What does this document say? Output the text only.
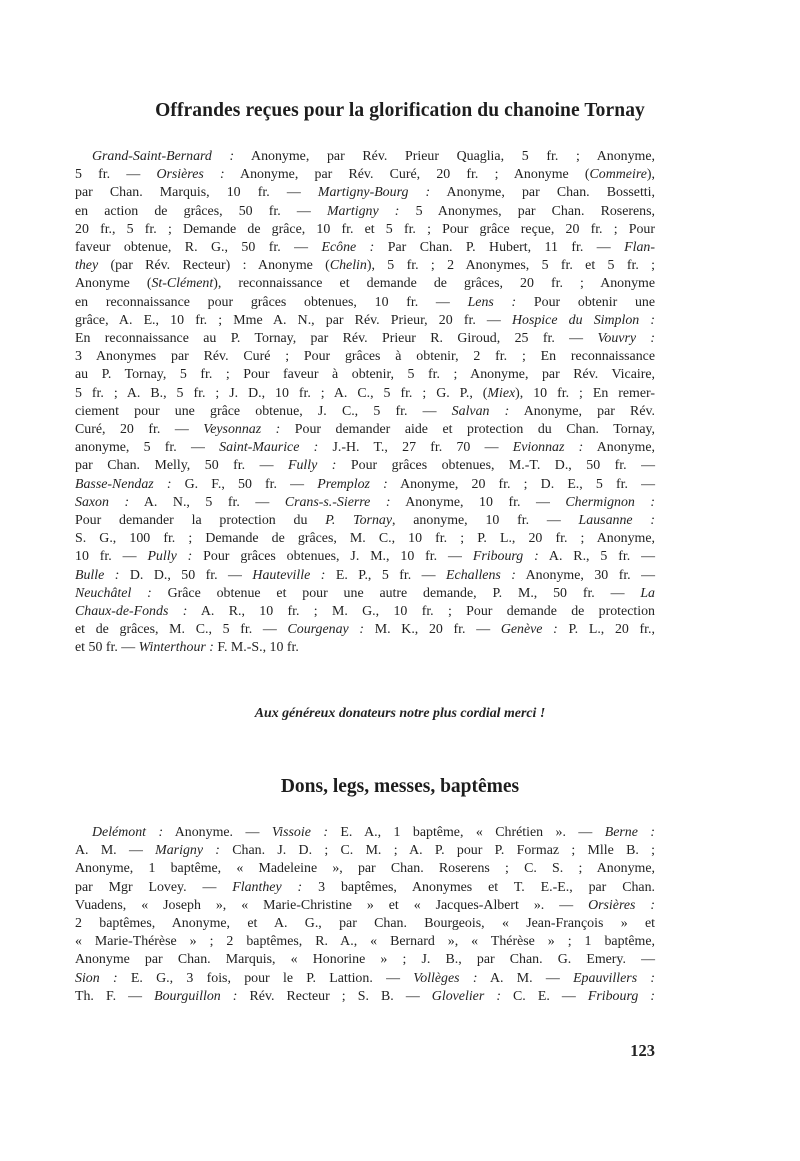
Offrandes reçues pour la glorification du chanoine Tornay
Grand-Saint-Bernard : Anonyme, par Rév. Prieur Quaglia, 5 fr. ; Anonyme,
5 fr. — Orsières : Anonyme, par Rév. Curé, 20 fr. ; Anonyme (Commeire),
par Chan. Marquis, 10 fr. — Martigny-Bourg : Anonyme, par Chan. Bossetti,
en action de grâces, 50 fr. — Martigny : 5 Anonymes, par Chan. Roserens,
20 fr., 5 fr. ; Demande de grâce, 10 fr. et 5 fr. ; Pour grâce reçue, 20 fr. ; Pour
faveur obtenue, R. G., 50 fr. — Ecône : Par Chan. P. Hubert, 11 fr. — Flan-
they (par Rév. Recteur) : Anonyme (Chelin), 5 fr. ; 2 Anonymes, 5 fr. et 5 fr. ;
Anonyme (St-Clément), reconnaissance et demande de grâces, 20 fr. ; Anonyme
en reconnaissance pour grâces obtenues, 10 fr. — Lens : Pour obtenir une
grâce, A. E., 10 fr. ; Mme A. N., par Rév. Prieur, 20 fr. — Hospice du Simplon :
En reconnaissance au P. Tornay, par Rév. Prieur R. Giroud, 25 fr. — Vouvry :
3 Anonymes par Rév. Curé ; Pour grâces à obtenir, 2 fr. ; En reconnaissance
au P. Tornay, 5 fr. ; Pour faveur à obtenir, 5 fr. ; Anonyme, par Rév. Vicaire,
5 fr. ; A. B., 5 fr. ; J. D., 10 fr. ; A. C., 5 fr. ; G. P., (Miex), 10 fr. ; En remer-
ciement pour une grâce obtenue, J. C., 5 fr. — Salvan : Anonyme, par Rév.
Curé, 20 fr. — Veysonnaz : Pour demander aide et protection du Chan. Tornay,
anonyme, 5 fr. — Saint-Maurice : J.-H. T., 27 fr. 70 — Evionnaz : Anonyme,
par Chan. Melly, 50 fr. — Fully : Pour grâces obtenues, M.-T. D., 50 fr. —
Basse-Nendaz : G. F., 50 fr. — Premploz : Anonyme, 20 fr. ; D. E., 5 fr. —
Saxon : A. N., 5 fr. — Crans-s.-Sierre : Anonyme, 10 fr. — Chermignon :
Pour demander la protection du P. Tornay, anonyme, 10 fr. — Lausanne :
S. G., 100 fr. ; Demande de grâces, M. C., 10 fr. ; P. L., 20 fr. ; Anonyme,
10 fr. — Pully : Pour grâces obtenues, J. M., 10 fr. — Fribourg : A. R., 5 fr. —
Bulle : D. D., 50 fr. — Hauteville : E. P., 5 fr. — Echallens : Anonyme, 30 fr. —
Neuchâtel : Grâce obtenue et pour une autre demande, P. M., 50 fr. — La
Chaux-de-Fonds : A. R., 10 fr. ; M. G., 10 fr. ; Pour demande de protection
et de grâces, M. C., 5 fr. — Courgenay : M. K., 20 fr. — Genève : P. L., 20 fr.,
et 50 fr. — Winterthour : F. M.-S., 10 fr.
Aux généreux donateurs notre plus cordial merci !
Dons, legs, messes, baptêmes
Delémont : Anonyme. — Vissoie : E. A., 1 baptême, « Chrétien ». — Berne :
A. M. — Marigny : Chan. J. D. ; C. M. ; A. P. pour P. Formaz ; Mlle B. ;
Anonyme, 1 baptême, « Madeleine », par Chan. Roserens ; C. S. ; Anonyme,
par Mgr Lovey. — Flanthey : 3 baptêmes, Anonymes et T. E.-E., par Chan.
Vuadens, « Joseph », « Marie-Christine » et « Jacques-Albert ». — Orsières :
2 baptêmes, Anonyme, et A. G., par Chan. Bourgeois, « Jean-François » et
« Marie-Thérèse » ; 2 baptêmes, R. A., « Bernard », « Thérèse » ; 1 baptême,
Anonyme par Chan. Marquis, « Honorine » ; J. B., par Chan. G. Emery. —
Sion : E. G., 3 fois, pour le P. Lattion. — Vollèges : A. M. — Epauvillers :
Th. F. — Bourguillon : Rév. Recteur ; S. B. — Glovelier : C. E. — Fribourg :
123
